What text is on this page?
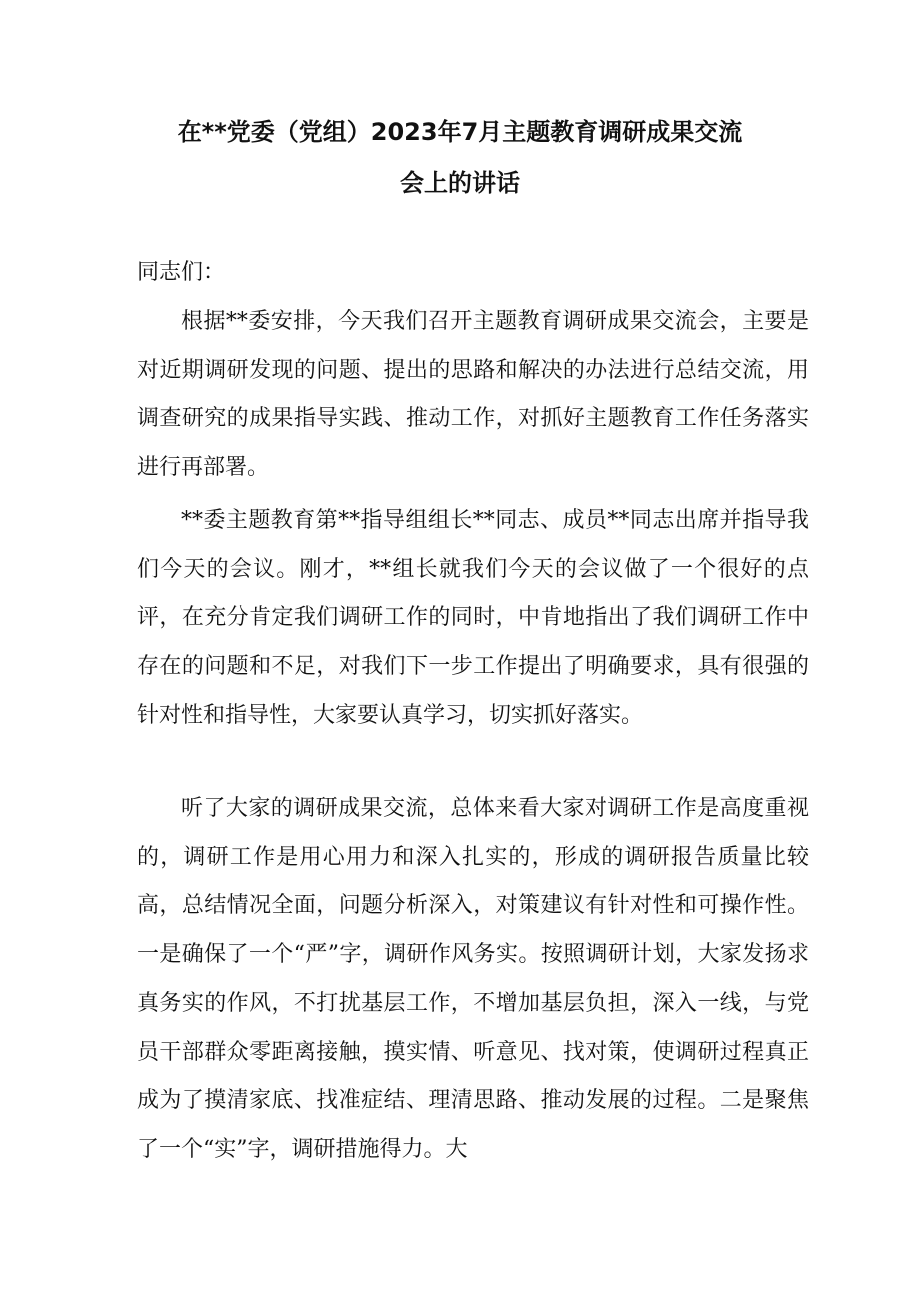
在**党委（党组）2023年7月主题教育调研成果交流
会上的讲话
同志们：

根据**委安排，今天我们召开主题教育调研成果交流会，主要是对近期调研发现的问题、提出的思路和解决的办法进行总结交流，用调查研究的成果指导实践、推动工作，对抓好主题教育工作任务落实进行再部署。

**委主题教育第**指导组组长**同志、成员**同志出席并指导我们今天的会议。刚才，**组长就我们今天的会议做了一个很好的点评，在充分肯定我们调研工作的同时，中肯地指出了我们调研工作中存在的问题和不足，对我们下一步工作提出了明确要求，具有很强的针对性和指导性，大家要认真学习，切实抓好落实。

听了大家的调研成果交流，总体来看大家对调研工作是高度重视的，调研工作是用心用力和深入扎实的，形成的调研报告质量比较高，总结情况全面，问题分析深入，对策建议有针对性和可操作性。一是确保了一个“严”字，调研作风务实。按照调研计划，大家发扬求真务实的作风，不打扰基层工作，不增加基层负担，深入一线，与党员干部群众零距离接触，摸实情、听意见、找对策，使调研过程真正成为了摸清家底、找准症结、理清思路、推动发展的过程。二是聚焦了一个“实”字，调研措施得力。大
